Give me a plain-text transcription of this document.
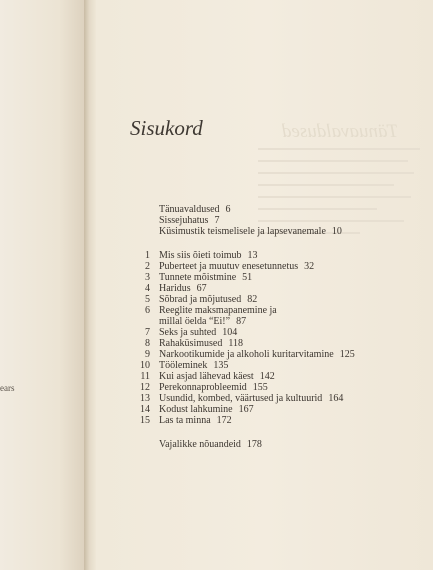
ears
Tänuavaldused
Sisukord
Tänuavaldused 6
Sissejuhatus 7
Küsimustik teismelisele ja lapsevanemale 10
1 Mis siis õieti toimub 13
2 Puberteet ja muutuv enesetunnetus 32
3 Tunnete mõistmine 51
4 Haridus 67
5 Sõbrad ja mõjutused 82
6 Reeglite maksmapanemine ja
millal öelda “Ei!” 87
7 Seks ja suhted 104
8 Rahaküsimused 118
9 Narkootikumide ja alkoholi kuritarvitamine 125
10 Tööleminek 135
11 Kui asjad lähevad käest 142
12 Perekonnaprobleemid 155
13 Usundid, kombed, väärtused ja kultuurid 164
14 Kodust lahkumine 167
15 Las ta minna 172
Vajalikke nõuandeid 178
